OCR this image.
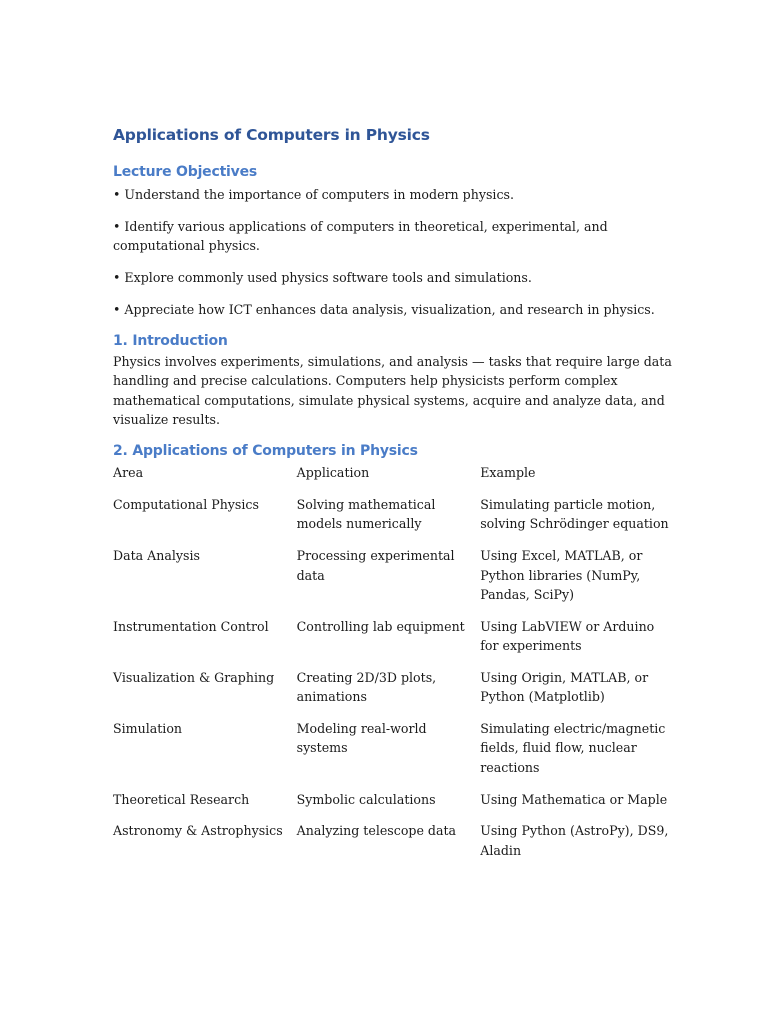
Applications of Computers in Physics
Lecture Objectives
• Understand the importance of computers in modern physics.
• Identify various applications of computers in theoretical, experimental, and computational physics.
• Explore commonly used physics software tools and simulations.
• Appreciate how ICT enhances data analysis, visualization, and research in physics.
1. Introduction

Physics involves experiments, simulations, and analysis — tasks that require large data handling and precise calculations. Computers help physicists perform complex mathematical computations, simulate physical systems, acquire and analyze data, and visualize results.

2. Applications of Computers in Physics
Area	Application	Example
Computational Physics	Solving mathematical models numerically	Simulating particle motion, solving Schrödinger equation
Data Analysis	Processing experimental data	Using Excel, MATLAB, or Python libraries (NumPy, Pandas, SciPy)
Instrumentation Control	Controlling lab equipment	Using LabVIEW or Arduino for experiments
Visualization & Graphing	Creating 2D/3D plots, animations	Using Origin, MATLAB, or Python (Matplotlib)
Simulation	Modeling real-world systems	Simulating electric/magnetic fields, fluid flow, nuclear reactions
Theoretical Research	Symbolic calculations	Using Mathematica or Maple
Astronomy & Astrophysics	Analyzing telescope data	Using Python (AstroPy), DS9, Aladin
